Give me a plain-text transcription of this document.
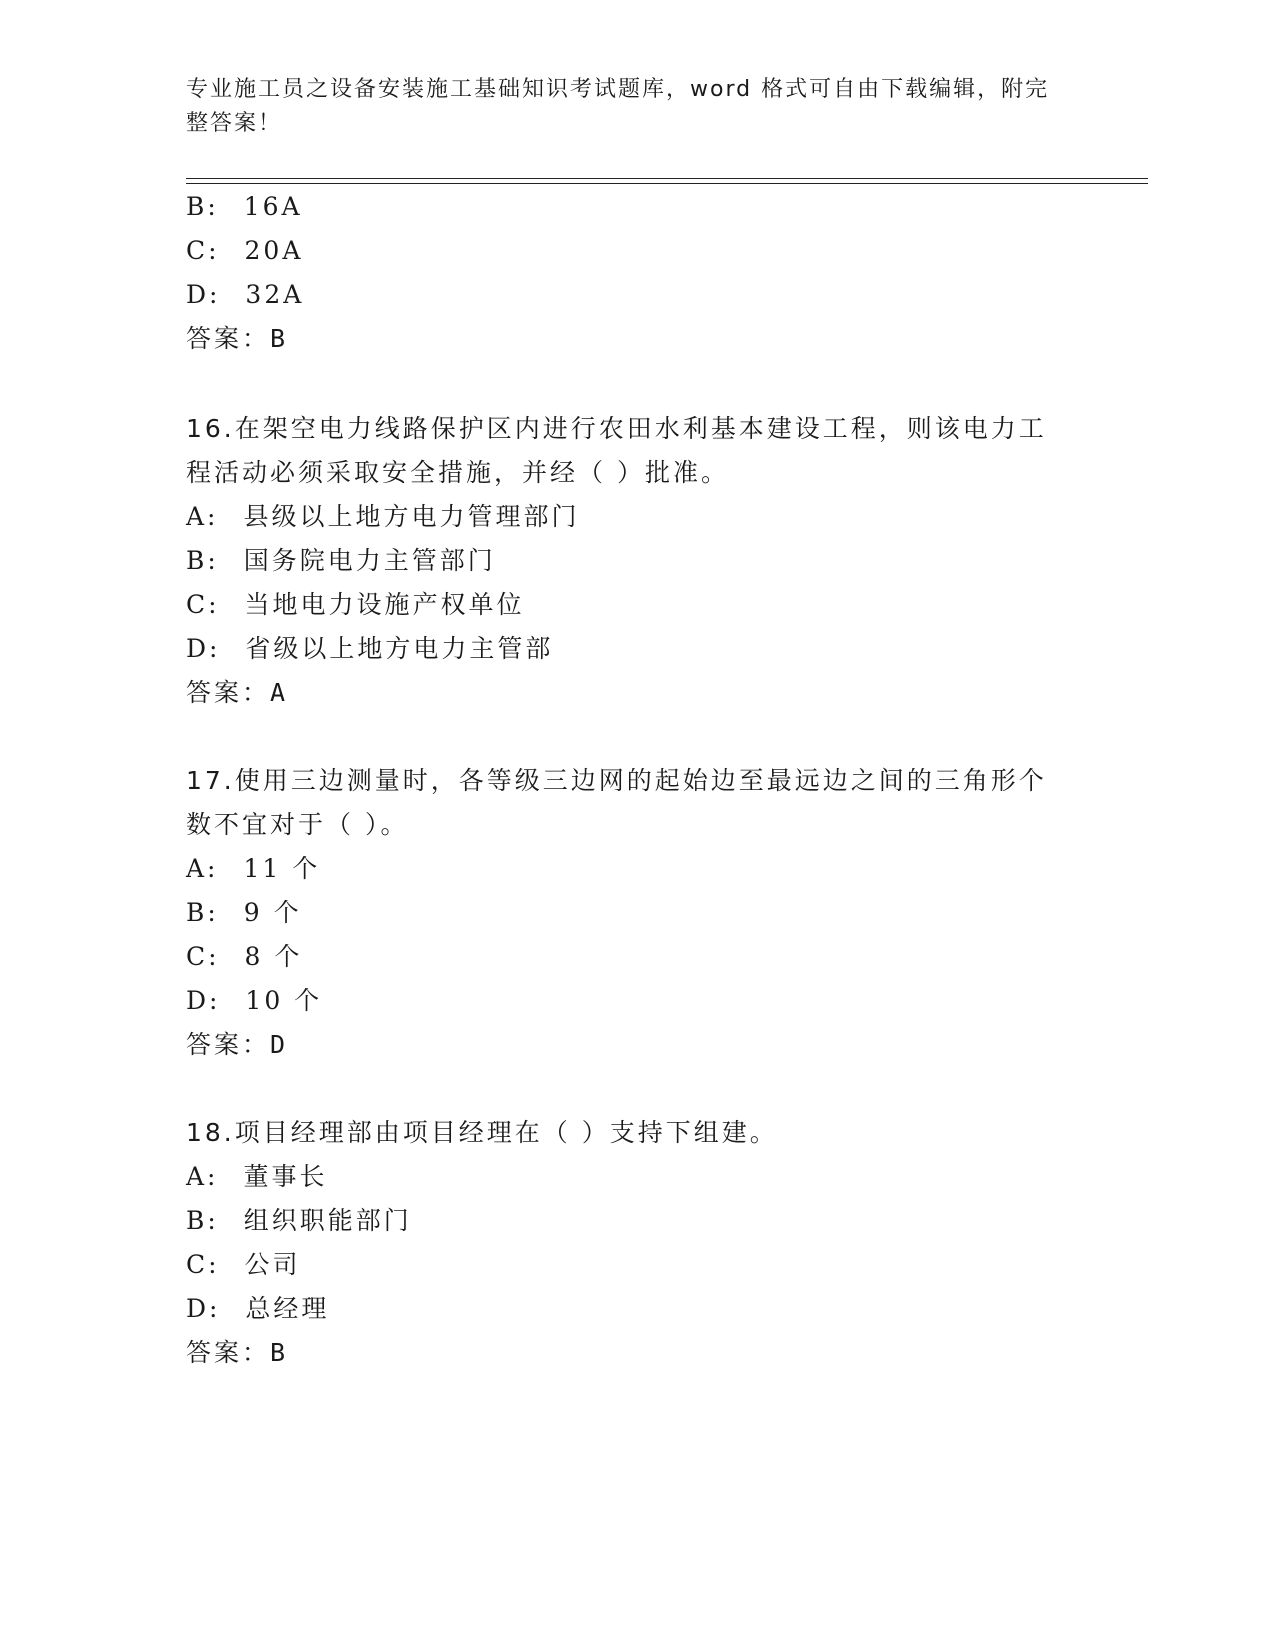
专业施工员之设备安装施工基础知识考试题库，word 格式可自由下载编辑，附完整答案！
B: 16A
C: 20A
D: 32A
答案：B
16.在架空电力线路保护区内进行农田水利基本建设工程，则该电力工
程活动必须采取安全措施，并经（ ）批准。
A: 县级以上地方电力管理部门
B: 国务院电力主管部门
C: 当地电力设施产权单位
D: 省级以上地方电力主管部
答案：A
17.使用三边测量时，各等级三边网的起始边至最远边之间的三角形个
数不宜对于（ ）。
A: 11 个
B: 9 个
C: 8 个
D: 10 个
答案：D
18.项目经理部由项目经理在（ ）支持下组建。
A: 董事长
B: 组织职能部门
C: 公司
D: 总经理
答案：B
